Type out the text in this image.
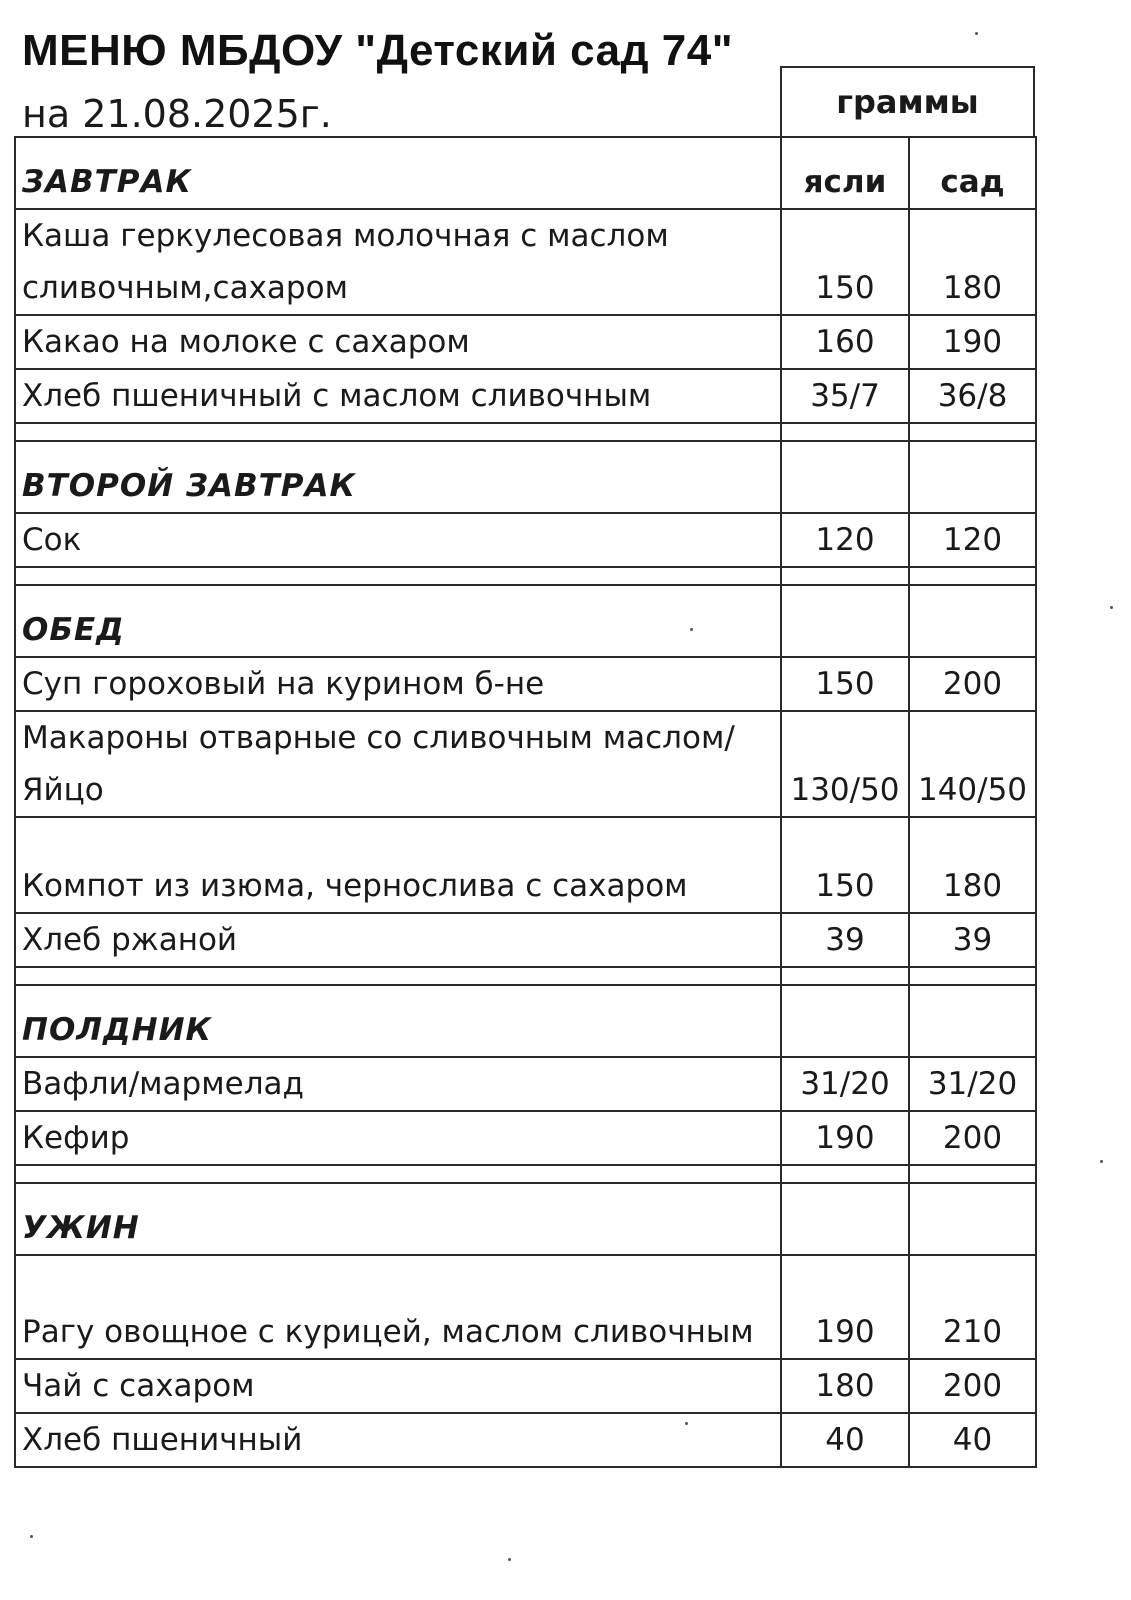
МЕНЮ МБДОУ "Детский сад 74"
на 21.08.2025г.	граммы
ЗАВТРАК	ясли	сад
Каша геркулесовая молочная с маслом сливочным,сахаром	150	180
Какао на молоке с сахаром	160	190
Хлеб пшеничный с маслом сливочным	35/7	36/8

ВТОРОЙ ЗАВТРАК		
Сок	120	120

ОБЕД		
Суп гороховый на курином б-не	150	200
Макароны отварные со сливочным маслом/Яйцо	130/50	140/50
Компот из изюма, чернослива с сахаром	150	180
Хлеб ржаной	39	39

ПОЛДНИК		
Вафли/мармелад	31/20	31/20
Кефир	190	200

УЖИН		
Рагу овощное с курицей, маслом сливочным	190	210
Чай с сахаром	180	200
Хлеб пшеничный	40	40
